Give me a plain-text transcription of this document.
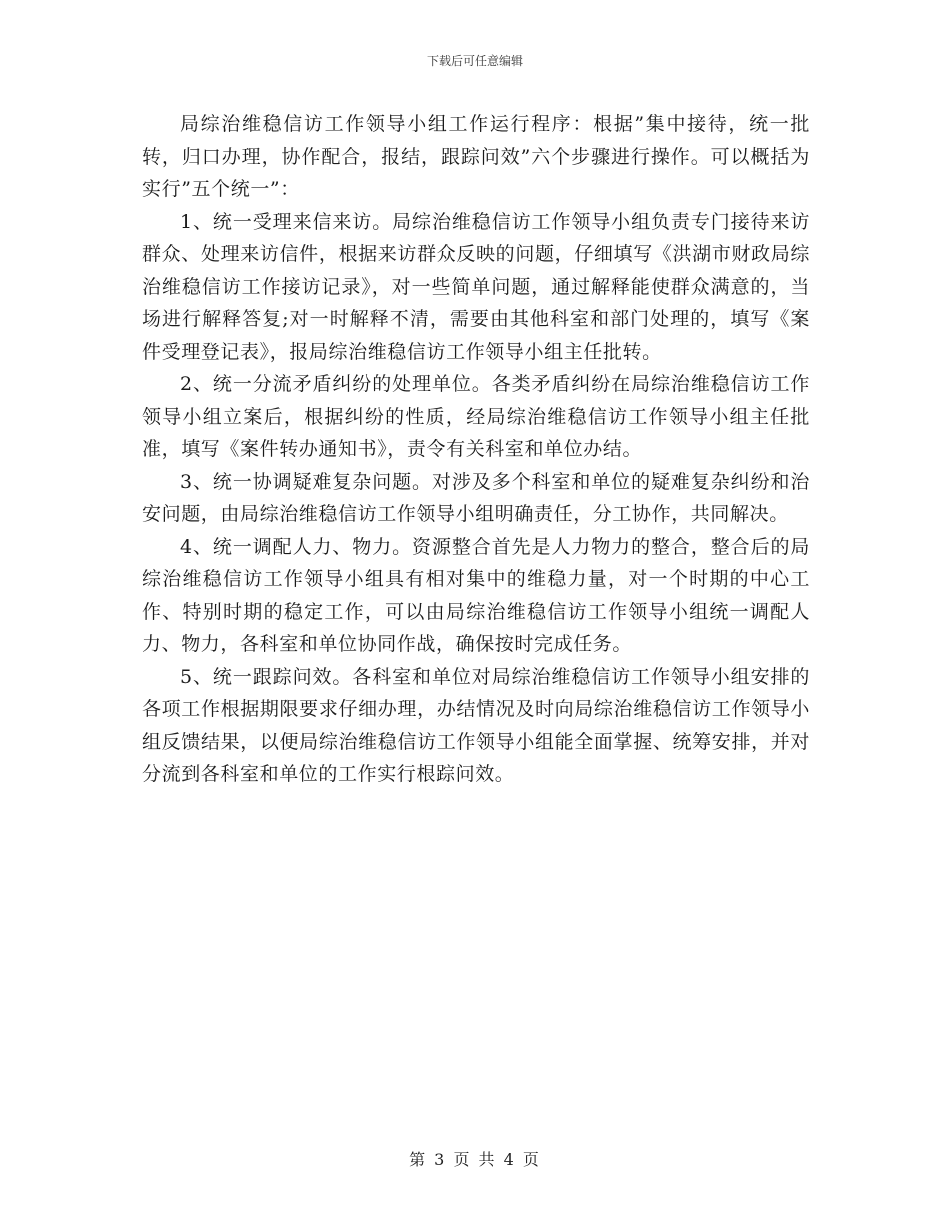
下载后可任意编辑

局综治维稳信访工作领导小组工作运行程序：根据”集中接待，统一批转，归口办理，协作配合，报结，跟踪问效”六个步骤进行操作。可以概括为实行”五个统一”：

1、统一受理来信来访。局综治维稳信访工作领导小组负责专门接待来访群众、处理来访信件，根据来访群众反映的问题，仔细填写《洪湖市财政局综治维稳信访工作接访记录》，对一些简单问题，通过解释能使群众满意的，当场进行解释答复;对一时解释不清，需要由其他科室和部门处理的，填写《案件受理登记表》，报局综治维稳信访工作领导小组主任批转。

2、统一分流矛盾纠纷的处理单位。各类矛盾纠纷在局综治维稳信访工作领导小组立案后，根据纠纷的性质，经局综治维稳信访工作领导小组主任批准，填写《案件转办通知书》，责令有关科室和单位办结。

3、统一协调疑难复杂问题。对涉及多个科室和单位的疑难复杂纠纷和治安问题，由局综治维稳信访工作领导小组明确责任，分工协作，共同解决。

4、统一调配人力、物力。资源整合首先是人力物力的整合，整合后的局综治维稳信访工作领导小组具有相对集中的维稳力量，对一个时期的中心工作、特别时期的稳定工作，可以由局综治维稳信访工作领导小组统一调配人力、物力，各科室和单位协同作战，确保按时完成任务。

5、统一跟踪问效。各科室和单位对局综治维稳信访工作领导小组安排的各项工作根据期限要求仔细办理，办结情况及时向局综治维稳信访工作领导小组反馈结果，以便局综治维稳信访工作领导小组能全面掌握、统筹安排，并对分流到各科室和单位的工作实行根踪问效。

第 3 页 共 4 页
